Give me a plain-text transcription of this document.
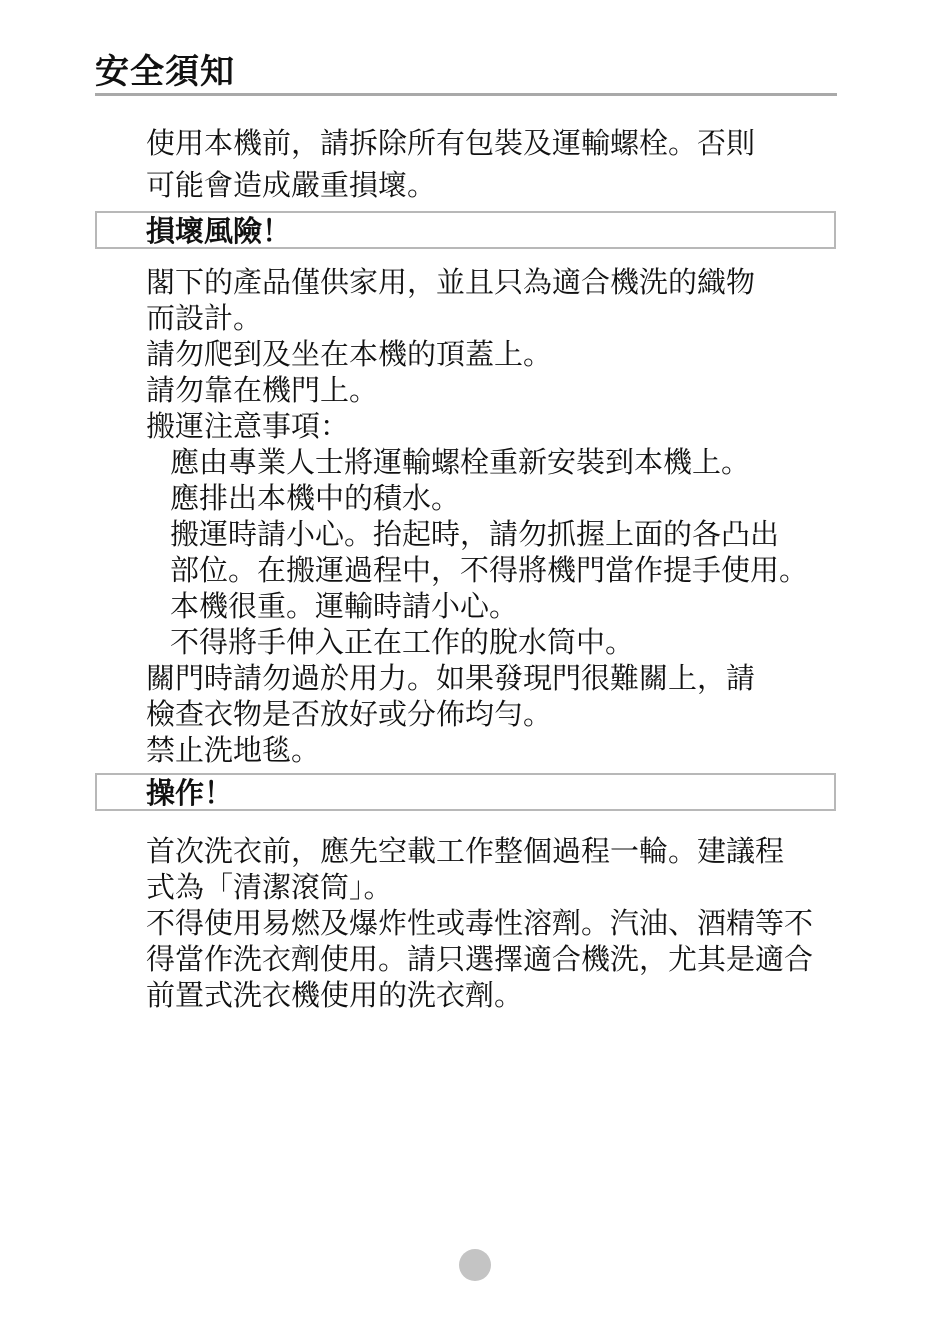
安全須知
使用本機前，請拆除所有包裝及運輸螺栓。否則
可能會造成嚴重損壞。
損壞風險！
閣下的產品僅供家用，並且只為適合機洗的織物
而設計。
請勿爬到及坐在本機的頂蓋上。
請勿靠在機門上。
搬運注意事項：
應由專業人士將運輸螺栓重新安裝到本機上。
應排出本機中的積水。
搬運時請小心。抬起時，請勿抓握上面的各凸出
部位。在搬運過程中，不得將機門當作提手使用。
本機很重。運輸時請小心。
不得將手伸入正在工作的脫水筒中。
關門時請勿過於用力。如果發現門很難關上，請
檢查衣物是否放好或分佈均勻。
禁止洗地毯。
操作！
首次洗衣前，應先空載工作整個過程一輪。建議程
式為「清潔滾筒」。
不得使用易燃及爆炸性或毒性溶劑。汽油、酒精等不
得當作洗衣劑使用。請只選擇適合機洗，尤其是適合
前置式洗衣機使用的洗衣劑。
